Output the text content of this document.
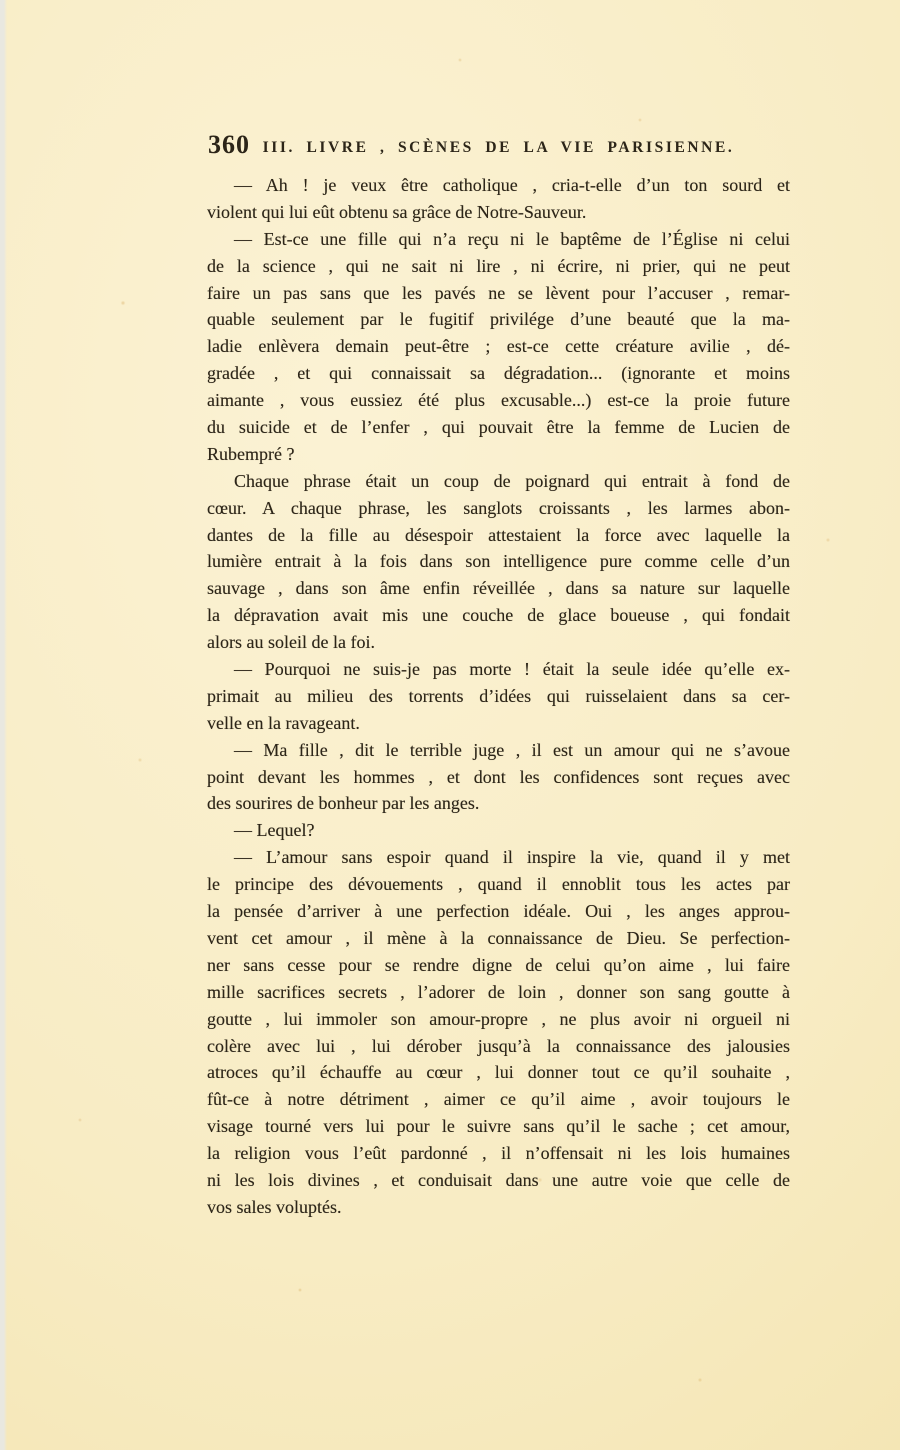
360 III. LIVRE , SCÈNES DE LA VIE PARISIENNE.
— Ah ! je veux être catholique , cria-t-elle d’un ton sourd et
violent qui lui eût obtenu sa grâce de Notre-Sauveur.
— Est-ce une fille qui n’a reçu ni le baptême de l’Église ni celui
de la science , qui ne sait ni lire , ni écrire, ni prier, qui ne peut
faire un pas sans que les pavés ne se lèvent pour l’accuser , remar-
quable seulement par le fugitif privilége d’une beauté que la ma-
ladie enlèvera demain peut-être ; est-ce cette créature avilie , dé-
gradée , et qui connaissait sa dégradation... (ignorante et moins
aimante , vous eussiez été plus excusable...) est-ce la proie future
du suicide et de l’enfer , qui pouvait être la femme de Lucien de
Rubempré ?
Chaque phrase était un coup de poignard qui entrait à fond de
cœur. A chaque phrase, les sanglots croissants , les larmes abon-
dantes de la fille au désespoir attestaient la force avec laquelle la
lumière entrait à la fois dans son intelligence pure comme celle d’un
sauvage , dans son âme enfin réveillée , dans sa nature sur laquelle
la dépravation avait mis une couche de glace boueuse , qui fondait
alors au soleil de la foi.
— Pourquoi ne suis-je pas morte ! était la seule idée qu’elle ex-
primait au milieu des torrents d’idées qui ruisselaient dans sa cer-
velle en la ravageant.
— Ma fille , dit le terrible juge , il est un amour qui ne s’avoue
point devant les hommes , et dont les confidences sont reçues avec
des sourires de bonheur par les anges.
— Lequel?
— L’amour sans espoir quand il inspire la vie, quand il y met
le principe des dévouements , quand il ennoblit tous les actes par
la pensée d’arriver à une perfection idéale. Oui , les anges approu-
vent cet amour , il mène à la connaissance de Dieu. Se perfection-
ner sans cesse pour se rendre digne de celui qu’on aime , lui faire
mille sacrifices secrets , l’adorer de loin , donner son sang goutte à
goutte , lui immoler son amour-propre , ne plus avoir ni orgueil ni
colère avec lui , lui dérober jusqu’à la connaissance des jalousies
atroces qu’il échauffe au cœur , lui donner tout ce qu’il souhaite ,
fût-ce à notre détriment , aimer ce qu’il aime , avoir toujours le
visage tourné vers lui pour le suivre sans qu’il le sache ; cet amour,
la religion vous l’eût pardonné , il n’offensait ni les lois humaines
ni les lois divines , et conduisait dans une autre voie que celle de
vos sales voluptés.
